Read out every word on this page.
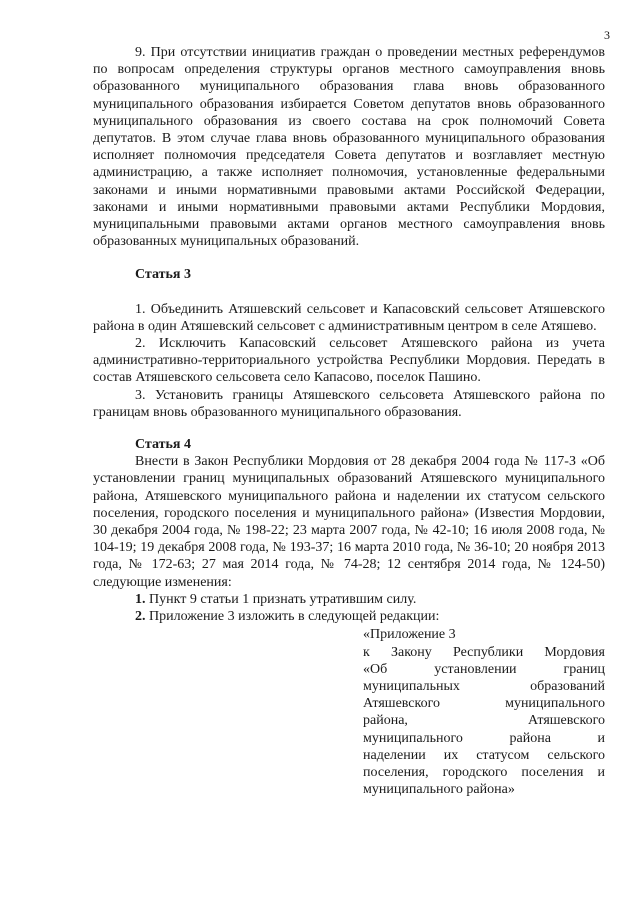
3

9. При отсутствии инициатив граждан о проведении местных референдумов по вопросам определения структуры органов местного самоуправления вновь образованного муниципального образования глава вновь образованного муниципального образования избирается Советом депутатов вновь образованного муниципального образования из своего состава на срок полномочий Совета депутатов. В этом случае глава вновь образованного муниципального образования исполняет полномочия председателя Совета депутатов и возглавляет местную администрацию, а также исполняет полномочия, установленные федеральными законами и иными нормативными правовыми актами Российской Федерации, законами и иными нормативными правовыми актами Республики Мордовия, муниципальными правовыми актами органов местного самоуправления вновь образованных муниципальных образований.

Статья 3

1. Объединить Атяшевский сельсовет и Капасовский сельсовет Атяшевского района в один Атяшевский сельсовет с административным центром в селе Атяшево.

2. Исключить Капасовский сельсовет Атяшевского района из учета административно-территориального устройства Республики Мордовия. Передать в состав Атяшевского сельсовета село Капасово, поселок Пашино.

3. Установить границы Атяшевского сельсовета Атяшевского района по границам вновь образованного муниципального образования.

Статья 4

Внести в Закон Республики Мордовия от 28 декабря 2004 года № 117-З «Об установлении границ муниципальных образований Атяшевского муниципального района, Атяшевского муниципального района и наделении их статусом сельского поселения, городского поселения и муниципального района» (Известия Мордовии, 30 декабря 2004 года, № 198-22; 23 марта 2007 года, № 42-10; 16 июля 2008 года, № 104-19; 19 декабря 2008 года, № 193-37; 16 марта 2010 года, № 36-10; 20 ноября 2013 года, № 172-63; 27 мая 2014 года, № 74-28; 12 сентября 2014 года, № 124-50) следующие изменения:

1. Пункт 9 статьи 1 признать утратившим силу.

2. Приложение 3 изложить в следующей редакции:

«Приложение 3
к Закону Республики Мордовия
«Об установлении границ
муниципальных образований
Атяшевского муниципального
района, Атяшевского
муниципального района и
наделении их статусом сельского
поселения, городского поселения и
муниципального района»
